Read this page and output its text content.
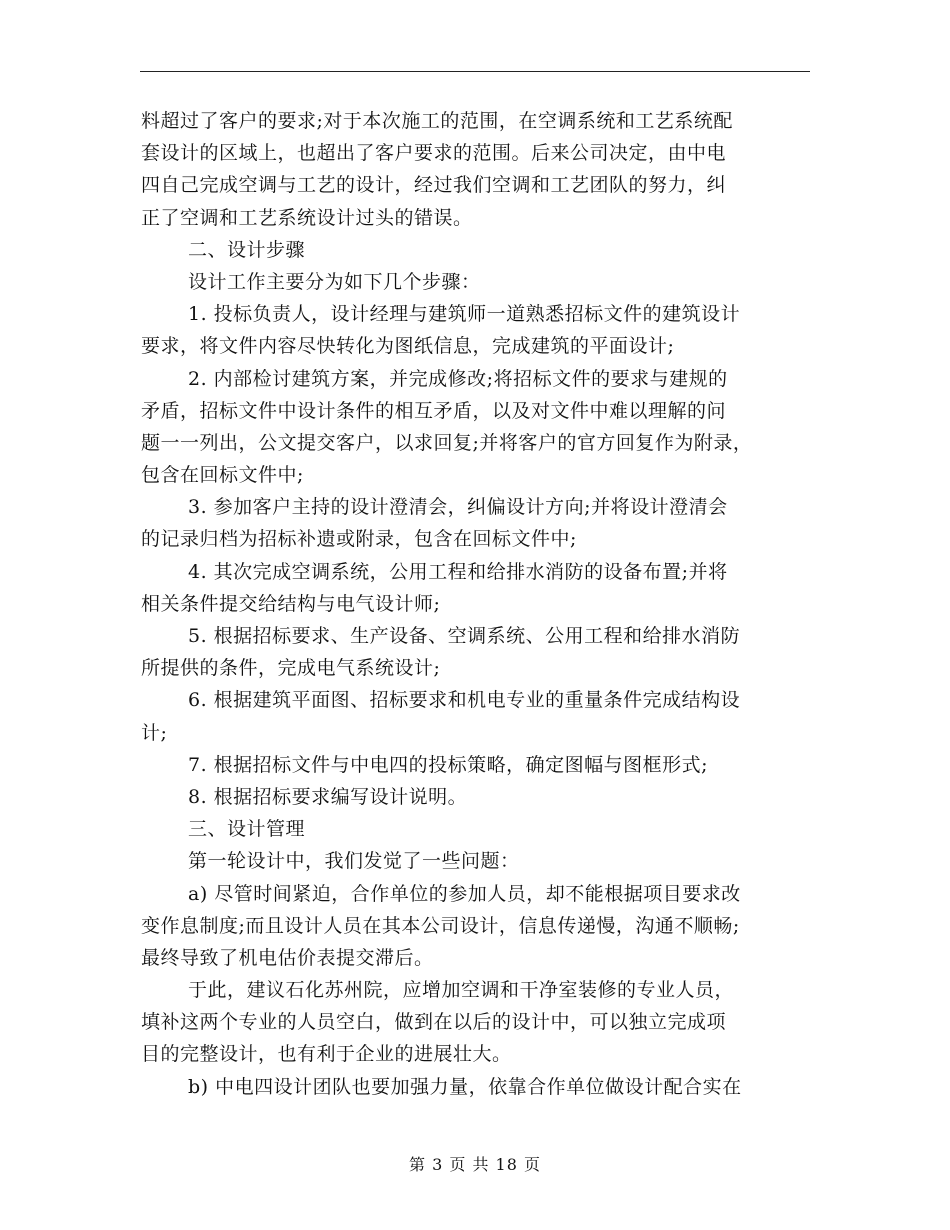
料超过了客户的要求;对于本次施工的范围，在空调系统和工艺系统配
套设计的区域上，也超出了客户要求的范围。后来公司决定，由中电
四自己完成空调与工艺的设计，经过我们空调和工艺团队的努力，纠
正了空调和工艺系统设计过头的错误。
二、设计步骤
设计工作主要分为如下几个步骤：
1. 投标负责人，设计经理与建筑师一道熟悉招标文件的建筑设计
要求，将文件内容尽快转化为图纸信息，完成建筑的平面设计;
2. 内部检讨建筑方案，并完成修改;将招标文件的要求与建规的
矛盾，招标文件中设计条件的相互矛盾，以及对文件中难以理解的问
题一一列出，公文提交客户，以求回复;并将客户的官方回复作为附录，
包含在回标文件中;
3. 参加客户主持的设计澄清会，纠偏设计方向;并将设计澄清会
的记录归档为招标补遗或附录，包含在回标文件中;
4. 其次完成空调系统，公用工程和给排水消防的设备布置;并将
相关条件提交给结构与电气设计师;
5. 根据招标要求、生产设备、空调系统、公用工程和给排水消防
所提供的条件，完成电气系统设计;
6. 根据建筑平面图、招标要求和机电专业的重量条件完成结构设
计;
7. 根据招标文件与中电四的投标策略，确定图幅与图框形式;
8. 根据招标要求编写设计说明。
三、设计管理
第一轮设计中，我们发觉了一些问题：
a) 尽管时间紧迫，合作单位的参加人员，却不能根据项目要求改
变作息制度;而且设计人员在其本公司设计，信息传递慢，沟通不顺畅;
最终导致了机电估价表提交滞后。
于此，建议石化苏州院，应增加空调和干净室装修的专业人员，
填补这两个专业的人员空白，做到在以后的设计中，可以独立完成项
目的完整设计，也有利于企业的进展壮大。
b) 中电四设计团队也要加强力量，依靠合作单位做设计配合实在
第 3 页 共 18 页
